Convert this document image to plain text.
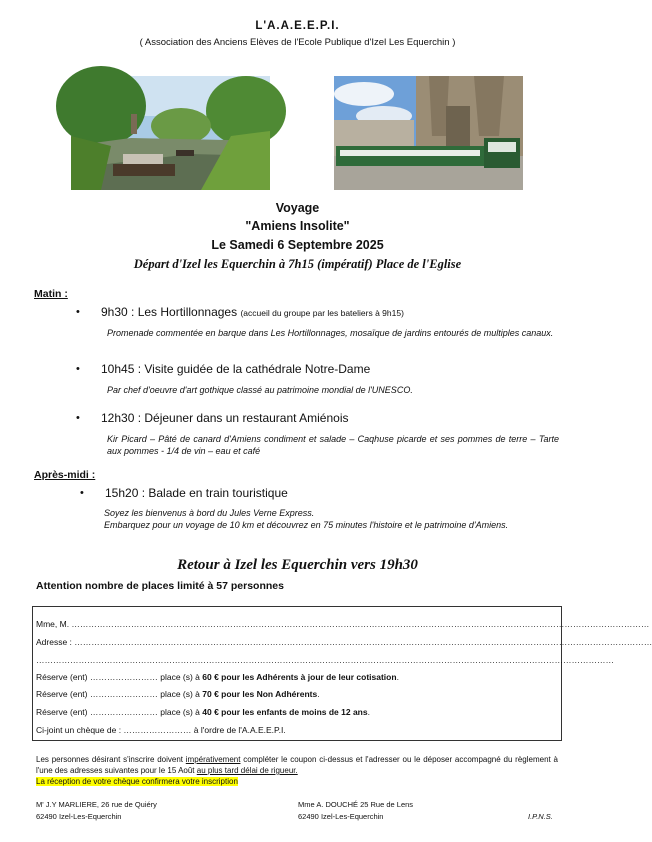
L'A.A.E.E.P.I.
( Association des Anciens Elèves de l'Ecole Publique d'Izel Les Equerchin )
Voyage
"Amiens Insolite"
Le Samedi 6 Septembre 2025
Départ d'Izel les Equerchin à 7h15 (impératif) Place de l'Eglise
Matin :
• 9h30 : Les Hortillonnages (accueil du groupe par les bateliers à 9h15)
Promenade commentée en barque dans Les Hortillonnages, mosaïque de jardins entourés de multiples canaux.
• 10h45 : Visite guidée de la cathédrale Notre-Dame
Par chef d'oeuvre d'art gothique classé au patrimoine mondial de l'UNESCO.
• 12h30 : Déjeuner dans un restaurant Amiénois
Kir Picard – Pâté de canard d'Amiens condiment et salade – Caqhuse picarde et ses pommes de terre – Tarte aux pommes - 1/4 de vin – eau et café
Après-midi :
• 15h20 : Balade en train touristique
Soyez les bienvenus à bord du Jules Verne Express.
Embarquez pour un voyage de 10 km et découvrez en 75 minutes l'histoire et le patrimoine d'Amiens.
Retour à Izel les Equerchin vers 19h30
Attention nombre de places limité à 57 personnes
Mme, M. ……………………………………………………………………………………………………………………………………………………………………………………
Adresse : ……………………………………………………………………………………………………………………………………………………………………………………
……………………………………………………………………………………………………………………………………………………………………………………
Réserve (ent) …………………… place (s) à 60 € pour les Adhérents à jour de leur cotisation.
Réserve (ent) …………………… place (s) à 70 € pour les Non Adhérents.
Réserve (ent) …………………… place (s) à 40 € pour les enfants de moins de 12 ans.
Ci-joint un chèque de : …………………… à l'ordre de l'A.A.E.E.P.I.
Les personnes désirant s'inscrire doivent impérativement compléter le coupon ci-dessus et l'adresser ou le déposer accompagné du règlement à l'une des adresses suivantes pour le 15 Août au plus tard délai de rigueur.
La réception de votre chèque confirmera votre inscription
M' J.Y MARLIERE, 26 rue de Quiéry
62490 Izel-Les-Equerchin
Mme A. DOUCHÉ 25 Rue de Lens
62490 Izel-Les-Equerchin	I.P.N.S.
